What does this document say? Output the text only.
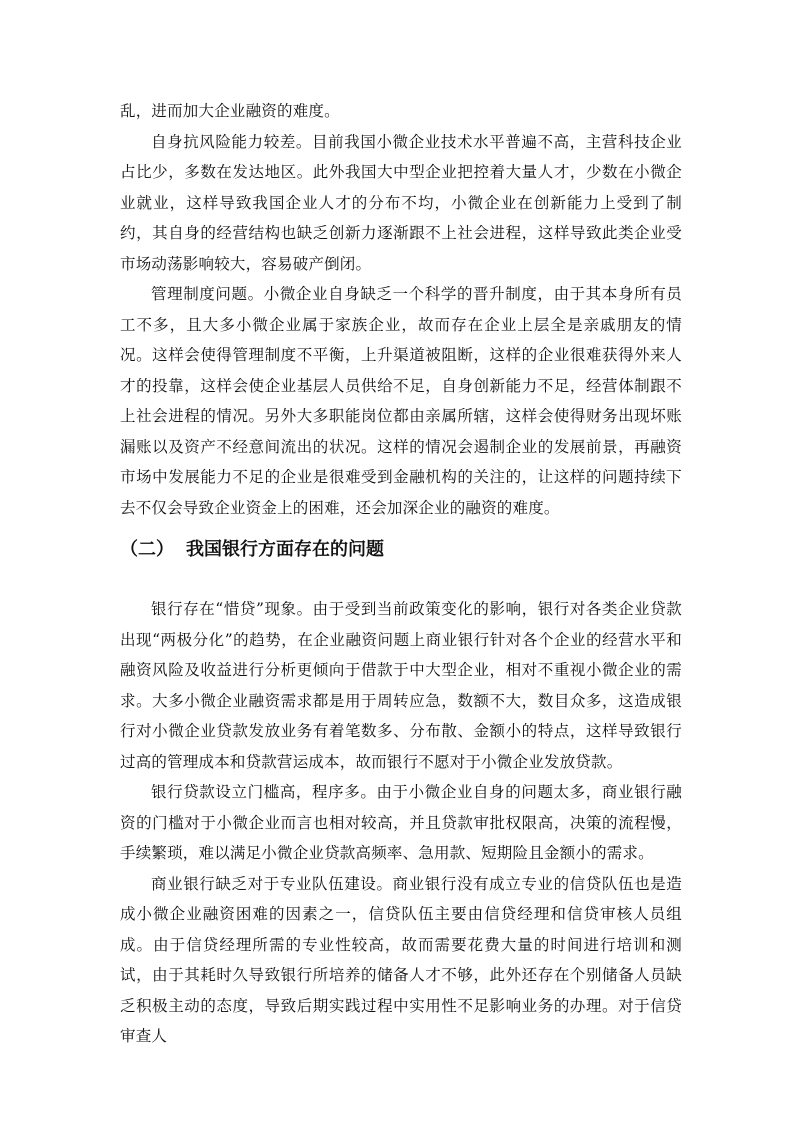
乱，进而加大企业融资的难度。

自身抗风险能力较差。目前我国小微企业技术水平普遍不高，主营科技企业占比少，多数在发达地区。此外我国大中型企业把控着大量人才，少数在小微企业就业，这样导致我国企业人才的分布不均，小微企业在创新能力上受到了制约，其自身的经营结构也缺乏创新力逐渐跟不上社会进程，这样导致此类企业受市场动荡影响较大，容易破产倒闭。

管理制度问题。小微企业自身缺乏一个科学的晋升制度，由于其本身所有员工不多，且大多小微企业属于家族企业，故而存在企业上层全是亲戚朋友的情况。这样会使得管理制度不平衡，上升渠道被阻断，这样的企业很难获得外来人才的投靠，这样会使企业基层人员供给不足，自身创新能力不足，经营体制跟不上社会进程的情况。另外大多职能岗位都由亲属所辖，这样会使得财务出现坏账漏账以及资产不经意间流出的状况。这样的情况会遏制企业的发展前景，再融资市场中发展能力不足的企业是很难受到金融机构的关注的，让这样的问题持续下去不仅会导致企业资金上的困难，还会加深企业的融资的难度。

（二） 我国银行方面存在的问题

银行存在“惜贷”现象。由于受到当前政策变化的影响，银行对各类企业贷款出现“两极分化”的趋势，在企业融资问题上商业银行针对各个企业的经营水平和融资风险及收益进行分析更倾向于借款于中大型企业，相对不重视小微企业的需求。大多小微企业融资需求都是用于周转应急，数额不大，数目众多，这造成银行对小微企业贷款发放业务有着笔数多、分布散、金额小的特点，这样导致银行过高的管理成本和贷款营运成本，故而银行不愿对于小微企业发放贷款。

银行贷款设立门槛高，程序多。由于小微企业自身的问题太多，商业银行融资的门槛对于小微企业而言也相对较高，并且贷款审批权限高，决策的流程慢，手续繁琐，难以满足小微企业贷款高频率、急用款、短期险且金额小的需求。

商业银行缺乏对于专业队伍建设。商业银行没有成立专业的信贷队伍也是造成小微企业融资困难的因素之一，信贷队伍主要由信贷经理和信贷审核人员组成。由于信贷经理所需的专业性较高，故而需要花费大量的时间进行培训和测试，由于其耗时久导致银行所培养的储备人才不够，此外还存在个别储备人员缺乏积极主动的态度，导致后期实践过程中实用性不足影响业务的办理。对于信贷审查人
